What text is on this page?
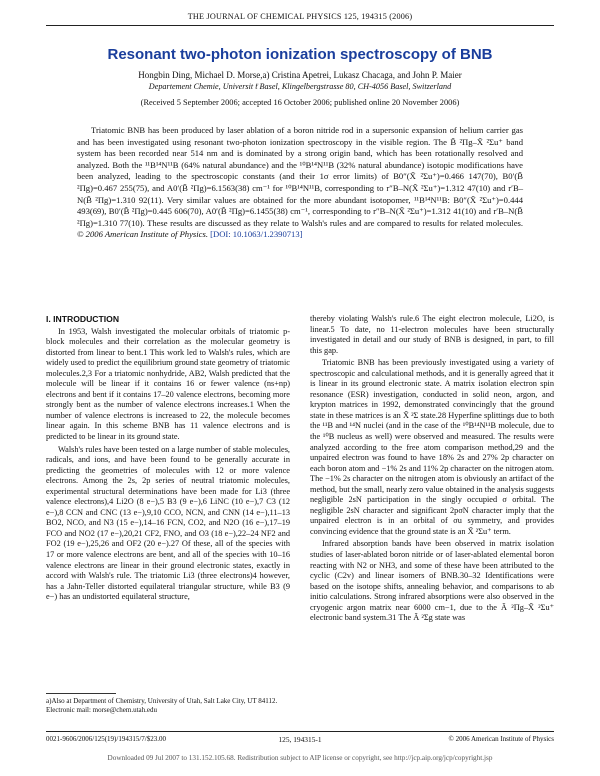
THE JOURNAL OF CHEMICAL PHYSICS 125, 194315 (2006)
Resonant two-photon ionization spectroscopy of BNB
Hongbin Ding, Michael D. Morse,a) Cristina Apetrei, Lukasz Chacaga, and John P. Maier
Departement Chemie, Universit ̈t Basel, Klingelbergstrasse 80, CH-4056 Basel, Switzerland
(Received 5 September 2006; accepted 16 October 2006; published online 20 November 2006)

Triatomic BNB has been produced by laser ablation of a boron nitride rod in a supersonic expansion of helium carrier gas and has been investigated using resonant two-photon ionization spectroscopy in the visible region. The B̃ ²Πg–X̃ ²Σu⁺ band system has been recorded near 514 nm and is dominated by a strong origin band, which has been rotationally resolved and analyzed. Both the ¹¹B¹⁴N¹¹B (64% natural abundance) and the ¹⁰B¹⁴N¹¹B (32% natural abundance) isotopic modifications have been analyzed, leading to the spectroscopic constants (and their 1σ error limits) of B0″(X̃ ²Σu⁺)=0.466 147(70), B0′(B̃ ²Πg)=0.467 255(75), and A0′(B̃ ²Πg)=6.1563(38) cm⁻¹ for ¹⁰B¹⁴N¹¹B, corresponding to r″B–N(X̃ ²Σu⁺)=1.312 47(10) and r′B–N(B̃ ²Πg)=1.310 92(11). Very similar values are obtained for the more abundant isotopomer, ¹¹B¹⁴N¹¹B: B0″(X̃ ²Σu⁺)=0.444 493(69), B0′(B̃ ²Πg)=0.445 606(70), A0′(B̃ ²Πg)=6.1455(38) cm⁻¹, corresponding to r″B–N(X̃ ²Σu⁺)=1.312 41(10) and r′B–N(B̃ ²Πg)=1.310 77(10). These results are discussed as they relate to Walsh's rules and are compared to results for related molecules. © 2006 American Institute of Physics. [DOI: 10.1063/1.2390713]

I. INTRODUCTION

In 1953, Walsh investigated the molecular orbitals of triatomic p-block molecules and their correlation as the molecular geometry is distorted from linear to bent.1 This work led to Walsh's rules, which are widely used to predict the equilibrium ground state geometry of triatomic molecules.2,3 For a triatomic nonhydride, AB2, Walsh predicted that the molecule will be linear if it contains 16 or fewer valence (ns+np) electrons and bent if it contains 17–20 valence electrons, becoming more strongly bent as the number of valence electrons increases.1 When the number of valence electrons is increased to 22, the molecule becomes linear again. In this scheme BNB has 11 valence electrons and is predicted to be linear in its ground state.

Walsh's rules have been tested on a large number of stable molecules, radicals, and ions, and have been found to be generally accurate in predicting the geometries of molecules with 12 or more valence electrons. Among the 2s, 2p series of neutral triatomic molecules, experimental structural determinations have been made for Li3 (three valence electrons),4 Li2O (8 e−),5 B3 (9 e−),6 LiNC (10 e−),7 C3 (12 e−),8 CCN and CNC (13 e−),9,10 CCO, NCN, and CNN (14 e−),11–13 BO2, NCO, and N3 (15 e−),14–16 FCN, CO2, and N2O (16 e−),17–19 FCO and NO2 (17 e−),20,21 CF2, FNO, and O3 (18 e−),22–24 NF2 and FO2 (19 e−),25,26 and OF2 (20 e−).27 Of these, all of the species with 17 or more valence electrons are bent, and all of the species with 10–16 valence electrons are linear in their ground electronic states, exactly in accord with Walsh's rule. The triatomic Li3 (three electrons)4 however, has a Jahn-Teller distorted equilateral triangular structure, while B3 (9 e−) has an undistorted equilateral structure,

thereby violating Walsh's rule.6 The eight electron molecule, Li2O, is linear.5 To date, no 11-electron molecules have been structurally investigated in detail and our study of BNB is designed, in part, to fill this gap.

Triatomic BNB has been previously investigated using a variety of spectroscopic and calculational methods, and it is generally agreed that it is linear in its ground electronic state. A matrix isolation electron spin resonance (ESR) investigation, conducted in solid neon, argon, and krypton matrices in 1992, demonstrated convincingly that the ground state in these matrices is an X̃ ²Σ state.28 Hyperfine splittings due to both the ¹¹B and ¹⁴N nuclei (and in the case of the ¹⁰B¹⁴N¹¹B molecule, due to the ¹⁰B nucleus as well) were observed and measured. The results were analyzed according to the free atom comparison method,29 and the unpaired electron was found to have 18% 2s and 27% 2p character on each boron atom and −1% 2s and 11% 2p character on the nitrogen atom. The −1% 2s character on the nitrogen atom is obviously an artifact of the method, but the small, nearly zero value obtained in the analysis suggests negligible 2sN participation in the singly occupied σ orbital. The negligible 2sN character and significant 2pσN character imply that the unpaired electron is in an orbital of σu symmetry, and provides convincing evidence that the ground state is an X̃ ²Σu⁺ term.

Infrared absorption bands have been observed in matrix isolation studies of laser-ablated boron nitride or of laser-ablated elemental boron reacting with N2 or NH3, and some of these have been attributed to the cyclic (C2v) and linear isomers of BNB.30–32 Identifications were based on the isotope shifts, annealing behavior, and comparisons to ab initio calculations. Strong infrared absorptions were also observed in the cryogenic argon matrix near 6000 cm−1, due to the Ã ²Πg–X̃ ²Σu⁺ electronic band system.31 The Ã ²Σg state was

a)Also at Department of Chemistry, University of Utah, Salt Lake City, UT 84112. Electronic mail: morse@chem.utah.edu
0021-9606/2006/125(19)/194315/7/$23.00	125, 194315-1	© 2006 American Institute of Physics
Downloaded 09 Jul 2007 to 131.152.105.68. Redistribution subject to AIP license or copyright, see http://jcp.aip.org/jcp/copyright.jsp
